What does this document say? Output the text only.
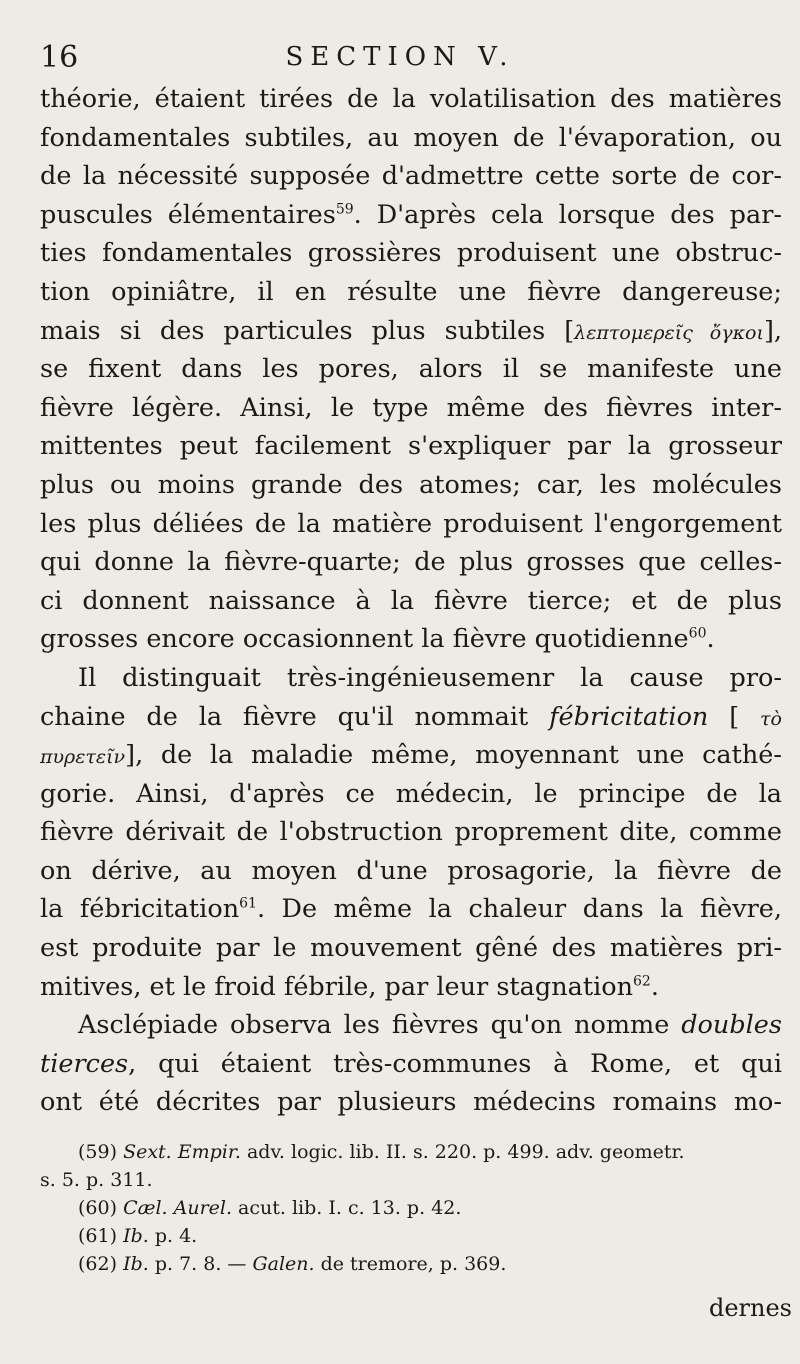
16	SECTION V.
théorie, étaient tirées de la volatilisation des matières
fondamentales subtiles, au moyen de l'évaporation, ou
de la nécessité supposée d'admettre cette sorte de cor-
puscules élémentaires$^{59}$. D'après cela lorsque des par-
ties fondamentales grossières produisent une obstruc-
tion opiniâtre, il en résulte une fièvre dangereuse;
mais si des particules plus subtiles [λεπτομερεῖς ὄγκοι],
se fixent dans les pores, alors il se manifeste une
fièvre légère. Ainsi, le type même des fièvres inter-
mittentes peut facilement s'expliquer par la grosseur
plus ou moins grande des atomes; car, les molécules
les plus déliées de la matière produisent l'engorgement
qui donne la fièvre-quarte; de plus grosses que celles-
ci donnent naissance à la fièvre tierce; et de plus
grosses encore occasionnent la fièvre quotidienne$^{60}$.
Il distinguait très-ingénieusemenr la cause pro-
chaine de la fièvre qu'il nommait fébricitation [ τὸ
πυρετεῖν], de la maladie même, moyennant une cathé-
gorie. Ainsi, d'après ce médecin, le principe de la
fièvre dérivait de l'obstruction proprement dite, comme
on dérive, au moyen d'une prosagorie, la fièvre de
la fébricitation$^{61}$. De même la chaleur dans la fièvre,
est produite par le mouvement gêné des matières pri-
mitives, et le froid fébrile, par leur stagnation$^{62}$.
Asclépiade observa les fièvres qu'on nomme doubles
tierces, qui étaient très-communes à Rome, et qui
ont été décrites par plusieurs médecins romains mo-
(59) Sext. Empir. adv. logic. lib. II. s. 220. p. 499. adv. geometr.
s. 5. p. 311.
(60) Cæl. Aurel. acut. lib. I. c. 13. p. 42.
(61) Ib. p. 4.
(62) Ib. p. 7. 8. — Galen. de tremore, p. 369.
dernes
